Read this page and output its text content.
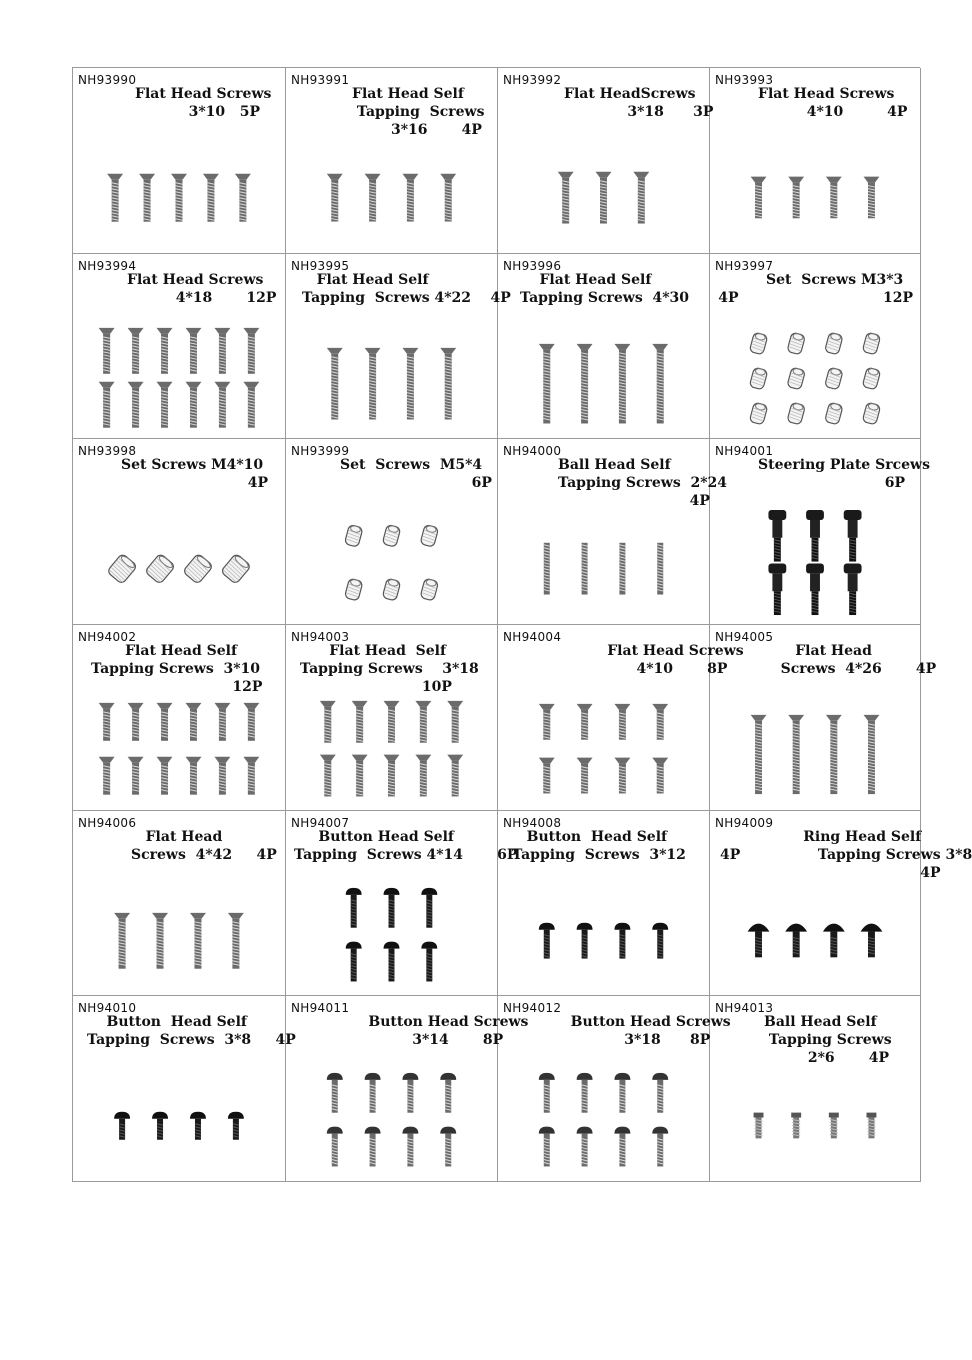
NH93990
Flat Head Screws
3*10   5P
NH93991
Flat Head Self
Tapping  Screws
3*16       4P
NH93992
Flat HeadScrews
3*18      3P
NH93993
Flat Head Screws
4*10         4P
NH93994
Flat Head Screws
4*18       12P
NH93995
Flat Head Self
Tapping  Screws 4*22    4P
NH93996
Flat Head Self
Tapping Screws  4*30      4P
NH93997
Set  Screws M3*3
12P
NH93998
Set Screws M4*10
4P
NH93999
Set  Screws  M5*4
6P
NH94000
Ball Head Self
Tapping Screws  2*24
4P
NH94001
Steering Plate Srcews
6P
NH94002
Flat Head Self
Tapping Screws  3*10
12P
NH94003
Flat Head  Self
Tapping Screws    3*18
10P
NH94004
Flat Head Screws
4*10       8P
NH94005
Flat Head
Screws  4*26       4P
NH94006
Flat Head
Screws  4*42     4P
NH94007
Button Head Self
Tapping  Screws 4*14       6P
NH94008
Button  Head Self
Tapping  Screws  3*12       4P
NH94009
Ring Head Self
Tapping Screws 3*8
4P
NH94010
Button  Head Self
Tapping  Screws  3*8     4P
NH94011
Button Head Screws
3*14       8P
NH94012
Button Head Screws
3*18      8P
NH94013
Ball Head Self
Tapping Screws
2*6       4P
